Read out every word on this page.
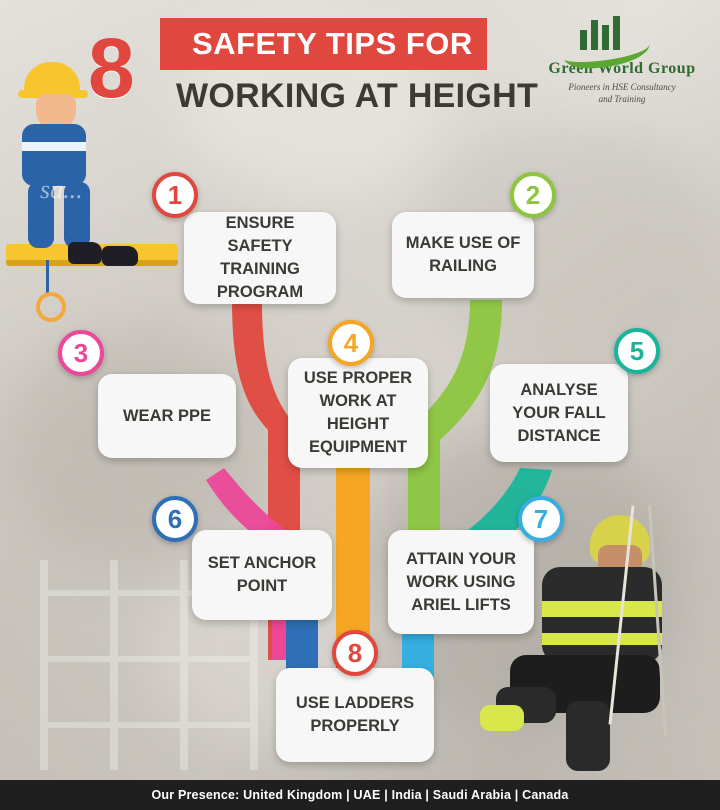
sa...
8	SAFETY TIPS FOR
WORKING AT HEIGHT
Green World Group
Pioneers in HSE Consultancy
and Training
ENSURE SAFETY TRAINING PROGRAM
1
MAKE USE OF RAILING
2
WEAR PPE
3
USE PROPER WORK AT HEIGHT EQUIPMENT
4
ANALYSE YOUR FALL DISTANCE
5
SET ANCHOR POINT
6
ATTAIN YOUR WORK USING ARIEL LIFTS
7
USE LADDERS PROPERLY
8
Our Presence: United Kingdom | UAE | India | Saudi Arabia | Canada
